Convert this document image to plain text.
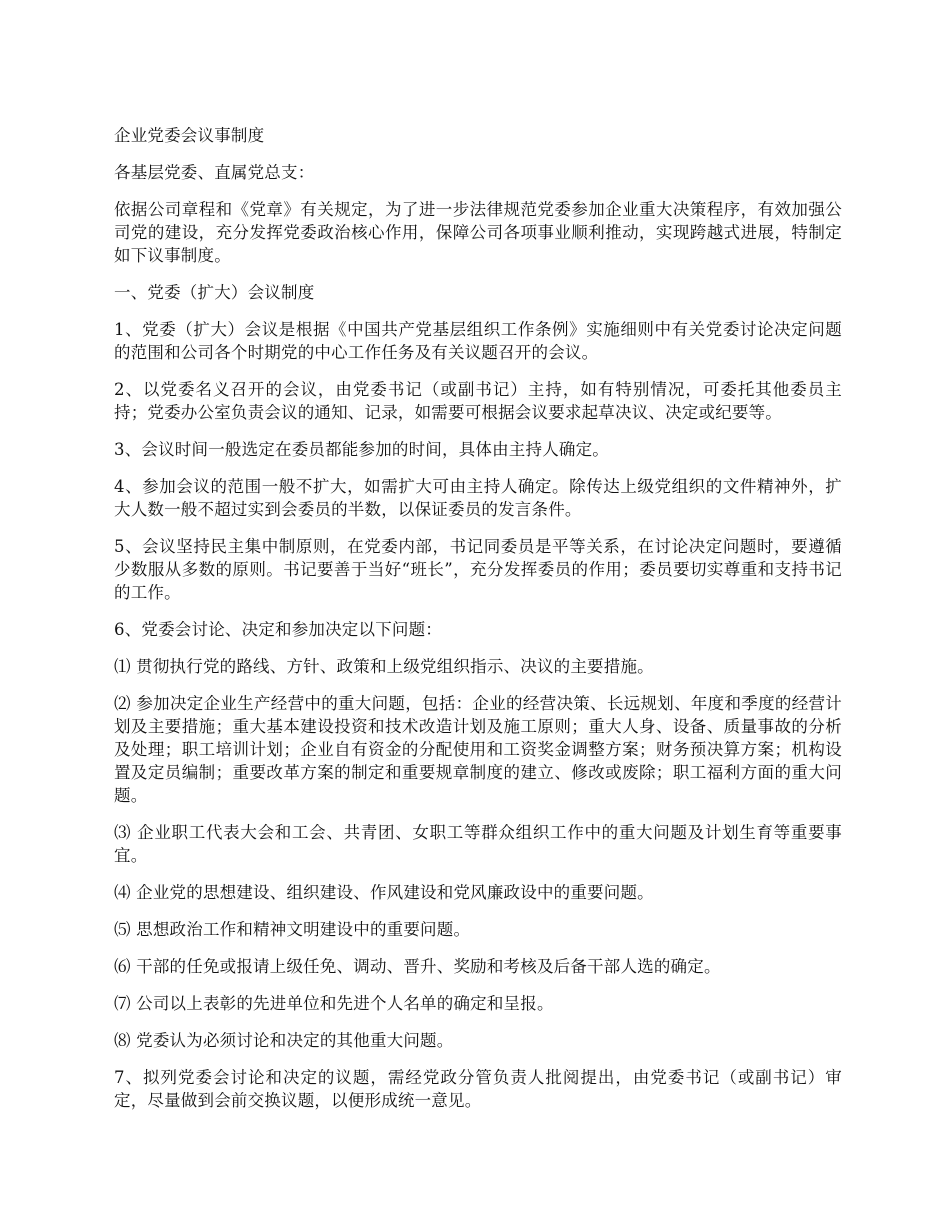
企业党委会议事制度

各基层党委、直属党总支：

依据公司章程和《党章》有关规定，为了进一步法律规范党委参加企业重大决策程序，有效加强公司党的建设，充分发挥党委政治核心作用，保障公司各项事业顺利推动，实现跨越式进展，特制定如下议事制度。

一、党委（扩大）会议制度

1、党委（扩大）会议是根据《中国共产党基层组织工作条例》实施细则中有关党委讨论决定问题的范围和公司各个时期党的中心工作任务及有关议题召开的会议。

2、以党委名义召开的会议，由党委书记（或副书记）主持，如有特别情况，可委托其他委员主持；党委办公室负责会议的通知、记录，如需要可根据会议要求起草决议、决定或纪要等。

3、会议时间一般选定在委员都能参加的时间，具体由主持人确定。

4、参加会议的范围一般不扩大，如需扩大可由主持人确定。除传达上级党组织的文件精神外，扩大人数一般不超过实到会委员的半数，以保证委员的发言条件。

5、会议坚持民主集中制原则，在党委内部，书记同委员是平等关系，在讨论决定问题时，要遵循少数服从多数的原则。书记要善于当好“班长”，充分发挥委员的作用；委员要切实尊重和支持书记的工作。

6、党委会讨论、决定和参加决定以下问题：

⑴ 贯彻执行党的路线、方针、政策和上级党组织指示、决议的主要措施。

⑵ 参加决定企业生产经营中的重大问题，包括：企业的经营决策、长远规划、年度和季度的经营计划及主要措施；重大基本建设投资和技术改造计划及施工原则；重大人身、设备、质量事故的分析及处理；职工培训计划；企业自有资金的分配使用和工资奖金调整方案；财务预决算方案；机构设置及定员编制；重要改革方案的制定和重要规章制度的建立、修改或废除；职工福利方面的重大问题。

⑶ 企业职工代表大会和工会、共青团、女职工等群众组织工作中的重大问题及计划生育等重要事宜。

⑷ 企业党的思想建设、组织建设、作风建设和党风廉政设中的重要问题。

⑸ 思想政治工作和精神文明建设中的重要问题。

⑹ 干部的任免或报请上级任免、调动、晋升、奖励和考核及后备干部人选的确定。

⑺ 公司以上表彰的先进单位和先进个人名单的确定和呈报。

⑻ 党委认为必须讨论和决定的其他重大问题。

7、拟列党委会讨论和决定的议题，需经党政分管负责人批阅提出，由党委书记（或副书记）审定，尽量做到会前交换议题，以便形成统一意见。
